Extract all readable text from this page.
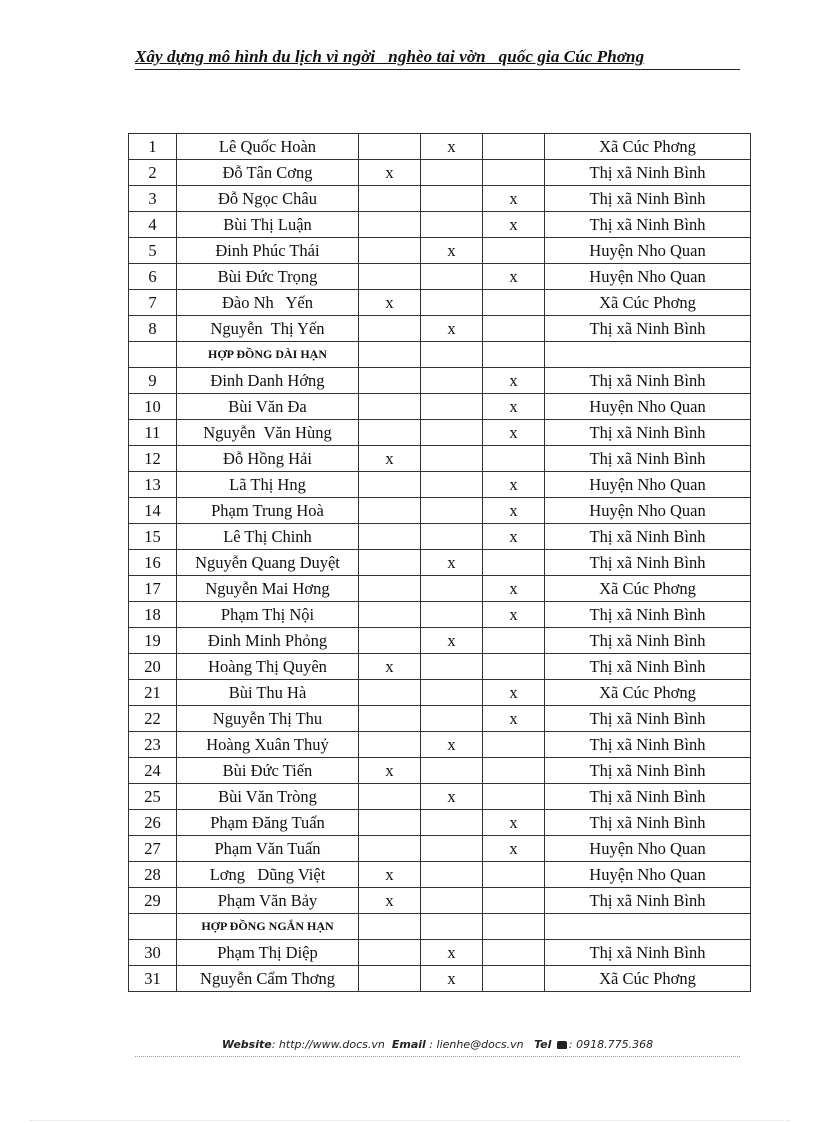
Xây dựng mô hình du lịch vì ngời   nghèo tai vờn   quốc gia Cúc Phơng
1	Lê Quốc Hoàn		x		Xã Cúc Phơng
2	Đỗ Tân Cơng	x			Thị xã Ninh Bình
3	Đỗ Ngọc Châu			x	Thị xã Ninh Bình
4	Bùi Thị Luận			x	Thị xã Ninh Bình
5	Đinh Phúc Thái		x		Huyện Nho Quan
6	Bùi Đức Trọng			x	Huyện Nho Quan
7	Đào Nh   Yến	x			Xã Cúc Phơng
8	Nguyễn  Thị Yến		x		Thị xã Ninh Bình
	HỢP ĐỒNG DÀI HẠN				
9	Đinh Danh Hớng			x	Thị xã Ninh Bình
10	Bùi Văn Đa			x	Huyện Nho Quan
11	Nguyễn  Văn Hùng			x	Thị xã Ninh Bình
12	Đỗ Hồng Hải	x			Thị xã Ninh Bình
13	Lã Thị Hng			x	Huyện Nho Quan
14	Phạm Trung Hoà			x	Huyện Nho Quan
15	Lê Thị Chinh			x	Thị xã Ninh Bình
16	Nguyễn Quang Duyệt		x		Thị xã Ninh Bình
17	Nguyễn Mai Hơng			x	Xã Cúc Phơng
18	Phạm Thị Nội			x	Thị xã Ninh Bình
19	Đinh Minh Phỏng		x		Thị xã Ninh Bình
20	Hoàng Thị Quyên	x			Thị xã Ninh Bình
21	Bùi Thu Hà			x	Xã Cúc Phơng
22	Nguyễn Thị Thu			x	Thị xã Ninh Bình
23	Hoàng Xuân Thuỷ		x		Thị xã Ninh Bình
24	Bùi Đức Tiến	x			Thị xã Ninh Bình
25	Bùi Văn Tròng		x		Thị xã Ninh Bình
26	Phạm Đăng Tuấn			x	Thị xã Ninh Bình
27	Phạm Văn Tuấn			x	Huyện Nho Quan
28	Lơng   Dũng Việt	x			Huyện Nho Quan
29	Phạm Văn Bảy	x			Thị xã Ninh Bình
	HỢP ĐỒNG NGẮN HẠN				
30	Phạm Thị Diệp		x		Thị xã Ninh Bình
31	Nguyễn Cẩm Thơng		x		Xã Cúc Phơng
Website: http://www.docs.vn Email : lienhe@docs.vn Tel : 0918.775.368
